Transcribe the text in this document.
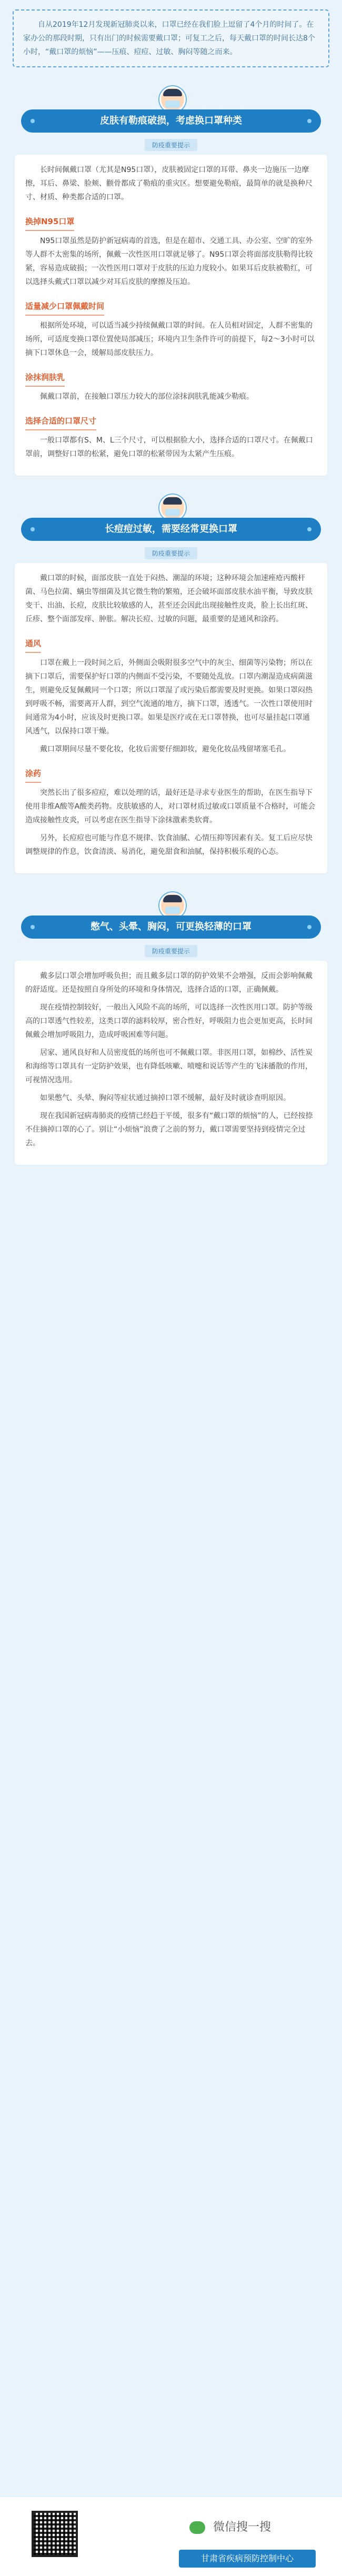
自从2019年12月发现新冠肺炎以来，口罩已经在我们脸上逗留了4个月的时间了。在家办公的那段时期，只有出门的时候需要戴口罩；可复工之后，每天戴口罩的时间长达8个小时，“戴口罩的烦恼”——压痕、痘痘、过敏、胸闷等随之而来。
皮肤有勒痕破损，考虑换口罩种类
防疫重要提示

长时间佩戴口罩（尤其是N95口罩），皮肤被固定口罩的耳带、鼻夹一边施压一边摩擦，耳后、鼻梁、脸颊、颧骨都成了勒痕的重灾区。想要避免勒痕，最简单的就是换种尺寸、材质、种类都合适的口罩。

换掉N95口罩

N95口罩虽然是防护新冠病毒的首选，但是在超市、交通工具、办公室、空旷的室外等人群不太密集的场所，佩戴一次性医用口罩就足够了。N95口罩会将面部皮肤勒得比较紧，容易造成破损；一次性医用口罩对于皮肤的压迫力度较小。如果耳后皮肤被勒红，可以选择头戴式口罩以减少对耳后皮肤的摩擦及压迫。

适量减少口罩佩戴时间

根据所处环境，可以适当减少持续佩戴口罩的时间。在人员相对固定，人群不密集的场所，可适度变换口罩位置使局部减压；环境内卫生条件许可的前提下，每2～3小时可以摘下口罩休息一会，缓解局部皮肤压力。

涂抹润肤乳

佩戴口罩前，在接触口罩压力较大的部位涂抹润肤乳能减少勒痕。

选择合适的口罩尺寸

一般口罩都有S、M、L三个尺寸，可以根据脸大小，选择合适的口罩尺寸。在佩戴口罩前，调整好口罩的松紧，避免口罩的松紧带因为太紧产生压痕。

长痘痘过敏，需要经常更换口罩
防疫重要提示

戴口罩的时候，面部皮肤一直处于闷热、潮湿的环境；这种环境会加速痤疮丙酸杆菌、马色拉菌、螨虫等细菌及其它微生物的繁殖，还会破坏面部皮肤水油平衡，导致皮肤变干、出油、长痘，皮肤比较敏感的人，甚至还会因此出现接触性皮炎，脸上长出红斑、丘疹、整个面部发痒、肿胀。解决长痘、过敏的问题，最重要的是通风和涂药。

通风

口罩在戴上一段时间之后，外侧面会吸附很多空气中的灰尘、细菌等污染物；所以在摘下口罩后，需要保护好口罩的内侧面不受污染，不要随处乱放。口罩内潮湿造成病菌滋生，则避免反复佩戴同一个口罩；所以口罩湿了或污染后都需要及时更换。如果口罩闷热到呼吸不畅，需要离开人群，到空气流通的地方，摘下口罩，透透气。一次性口罩使用时间通常为4小时，应该及时更换口罩。如果是医疗或在无口罩替换，也可尽量挂起口罩通风透气，以保持口罩干燥。

戴口罩期间尽量不要化妆，化妆后需要仔细卸妆，避免化妆品残留堵塞毛孔。

涂药

突然长出了很多痘痘，难以处理的话，最好还是寻求专业医生的帮助，在医生指导下使用非维A酸等A酸类药物。皮肤敏感的人，对口罩材质过敏或口罩质量不合格时，可能会造成接触性皮炎，可以考虑在医生指导下涂抹激素类软膏。

另外，长痘痘也可能与作息不规律、饮食油腻、心情压抑等因素有关。复工后应尽快调整规律的作息，饮食清淡、易消化，避免甜食和油腻，保持积极乐观的心态。

憋气、头晕、胸闷，可更换轻薄的口罩
防疫重要提示

戴多层口罩会增加呼吸负担；而且戴多层口罩的防护效果不会增强，反而会影响佩戴的舒适度。还是按照自身所处的环境和身体情况，选择合适的口罩，正确佩戴。

现在疫情控制较好，一般出入风险不高的场所，可以选择一次性医用口罩。防护等级高的口罩透气性较差，这类口罩的滤料较厚，密合性好，呼吸阻力也会更加更高，长时间佩戴会增加呼吸阻力，造成呼吸困难等问题。

居家、通风良好和人员密度低的场所也可不佩戴口罩。非医用口罩，如棉纱、活性炭和海绵等口罩具有一定防护效果，也有降低咳嗽、喷嚏和说话等产生的飞沫播散的作用，可视情况选用。

如果憋气、头晕、胸闷等症状通过摘掉口罩不缓解，最好及时就诊查明原因。

现在我国新冠病毒肺炎的疫情已经趋于平缓，很多有“戴口罩的烦恼”的人，已经按捺不住摘掉口罩的心了。别让“小烦恼”浪费了之前的努力，戴口罩需要坚持到疫情完全过去。

微信搜一搜
甘肃省疾病预防控制中心
